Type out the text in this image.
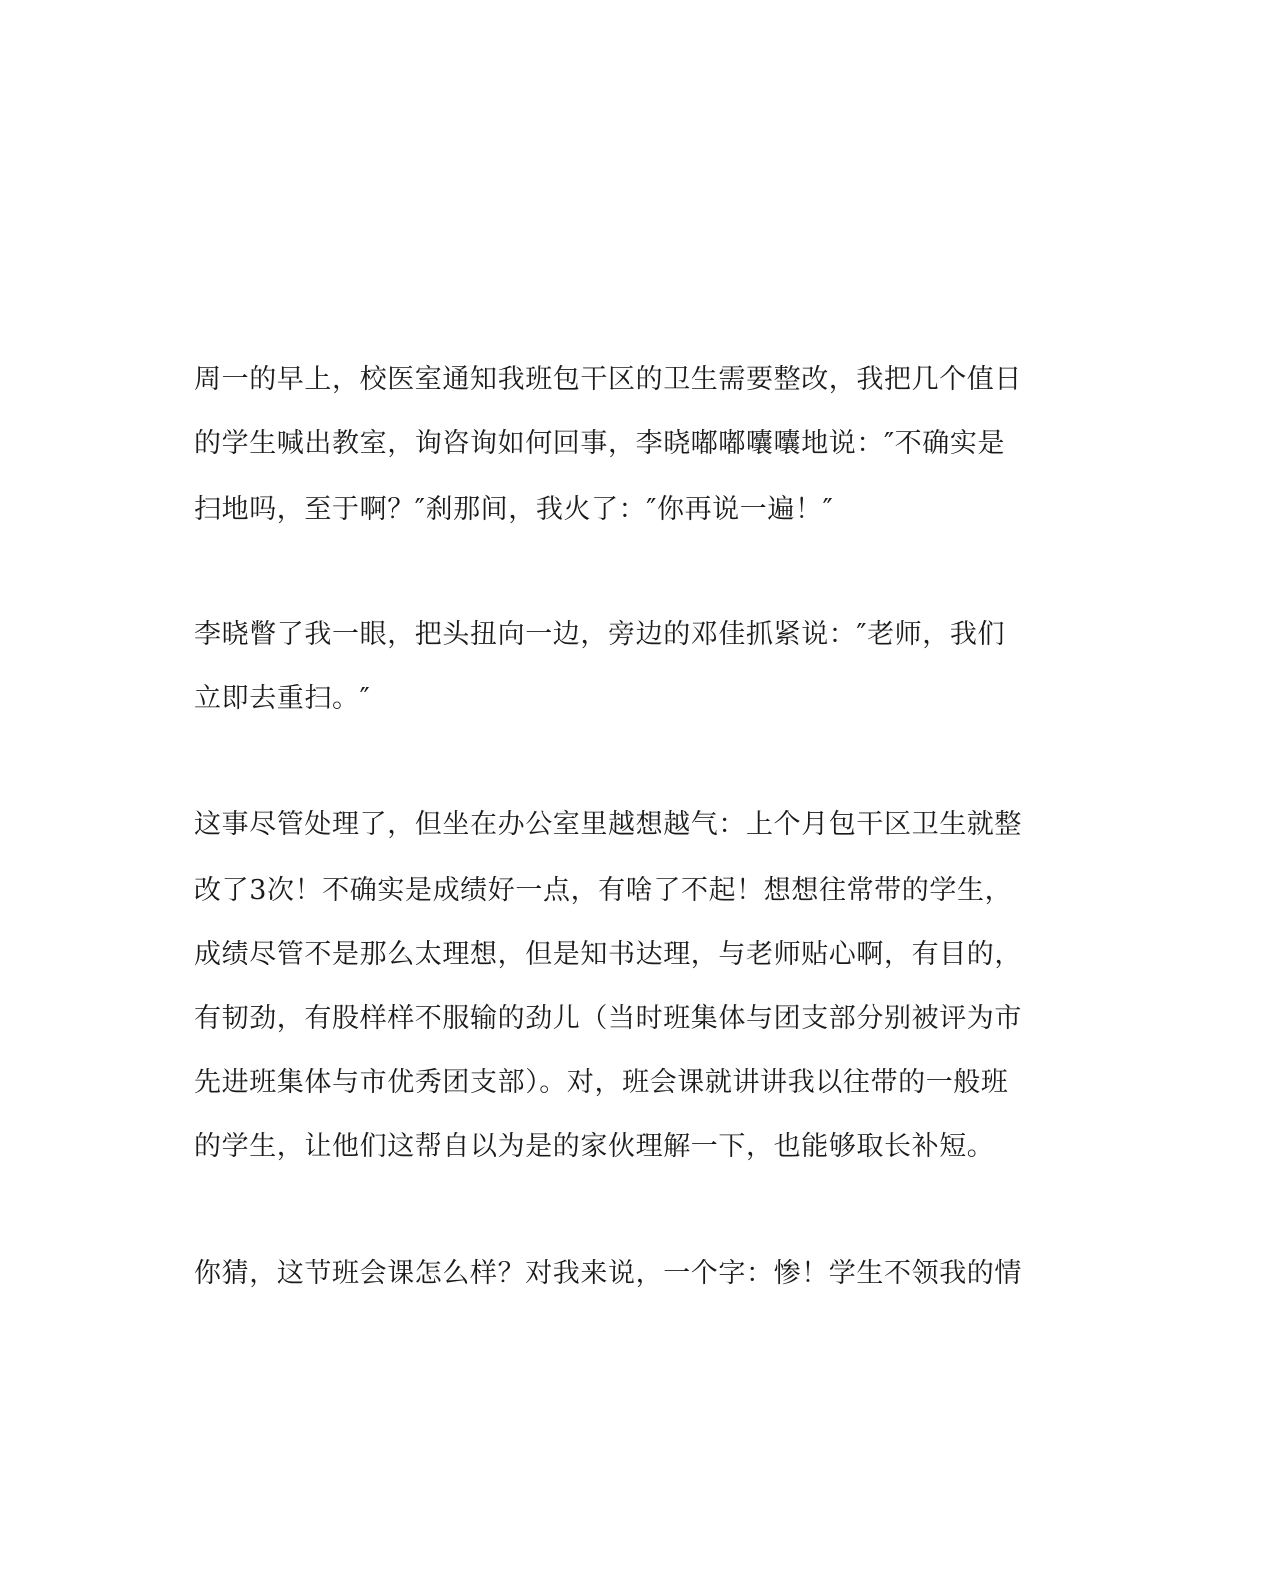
周一的早上，校医室通知我班包干区的卫生需要整改，我把几个值日

的学生喊出教室，询咨询如何回事，李晓嘟嘟囔囔地说：″不确实是

扫地吗，至于啊？″刹那间，我火了：″你再说一遍！″

李晓瞥了我一眼，把头扭向一边，旁边的邓佳抓紧说：″老师，我们

立即去重扫。″

这事尽管处理了，但坐在办公室里越想越气：上个月包干区卫生就整

改了3次！不确实是成绩好一点，有啥了不起！想想往常带的学生，

成绩尽管不是那么太理想，但是知书达理，与老师贴心啊，有目的，

有韧劲，有股样样不服输的劲儿（当时班集体与团支部分别被评为市

先进班集体与市优秀团支部）。对，班会课就讲讲我以往带的一般班

的学生，让他们这帮自以为是的家伙理解一下，也能够取长补短。

你猜，这节班会课怎么样？对我来说，一个字：惨！学生不领我的情
